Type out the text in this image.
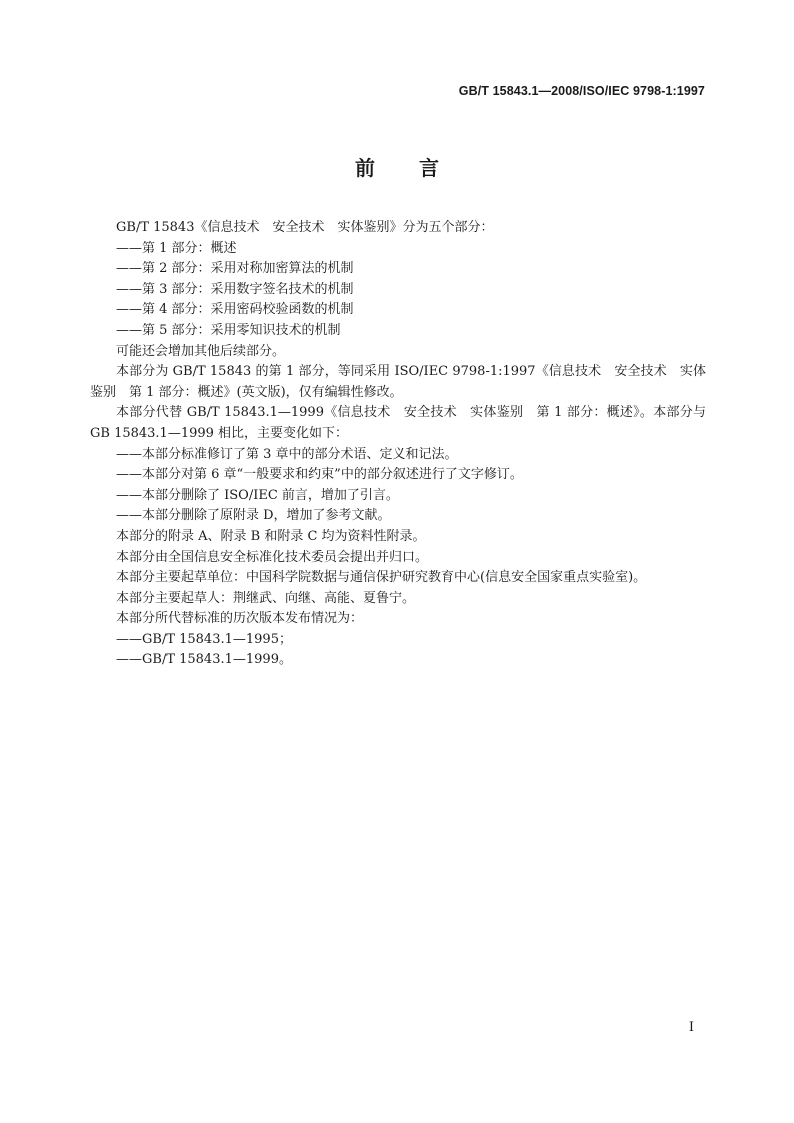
GB/T 15843.1—2008/ISO/IEC 9798-1:1997
前 言

GB/T 15843《信息技术　安全技术　实体鉴别》分为五个部分：

——第 1 部分：概述

——第 2 部分：采用对称加密算法的机制

——第 3 部分：采用数字签名技术的机制

——第 4 部分：采用密码校验函数的机制

——第 5 部分：采用零知识技术的机制

可能还会增加其他后续部分。

本部分为 GB/T 15843 的第 1 部分，等同采用 ISO/IEC 9798-1:1997《信息技术　安全技术　实体鉴别　第 1 部分：概述》(英文版)，仅有编辑性修改。

本部分代替 GB/T 15843.1—1999《信息技术　安全技术　实体鉴别　第 1 部分：概述》。本部分与 GB 15843.1—1999 相比，主要变化如下：

——本部分标准修订了第 3 章中的部分术语、定义和记法。

——本部分对第 6 章“一般要求和约束”中的部分叙述进行了文字修订。

——本部分删除了 ISO/IEC 前言，增加了引言。

——本部分删除了原附录 D，增加了参考文献。

本部分的附录 A、附录 B 和附录 C 均为资料性附录。

本部分由全国信息安全标准化技术委员会提出并归口。

本部分主要起草单位：中国科学院数据与通信保护研究教育中心(信息安全国家重点实验室)。

本部分主要起草人：荆继武、向继、高能、夏鲁宁。

本部分所代替标准的历次版本发布情况为：

——GB/T 15843.1—1995；

——GB/T 15843.1—1999。

I
